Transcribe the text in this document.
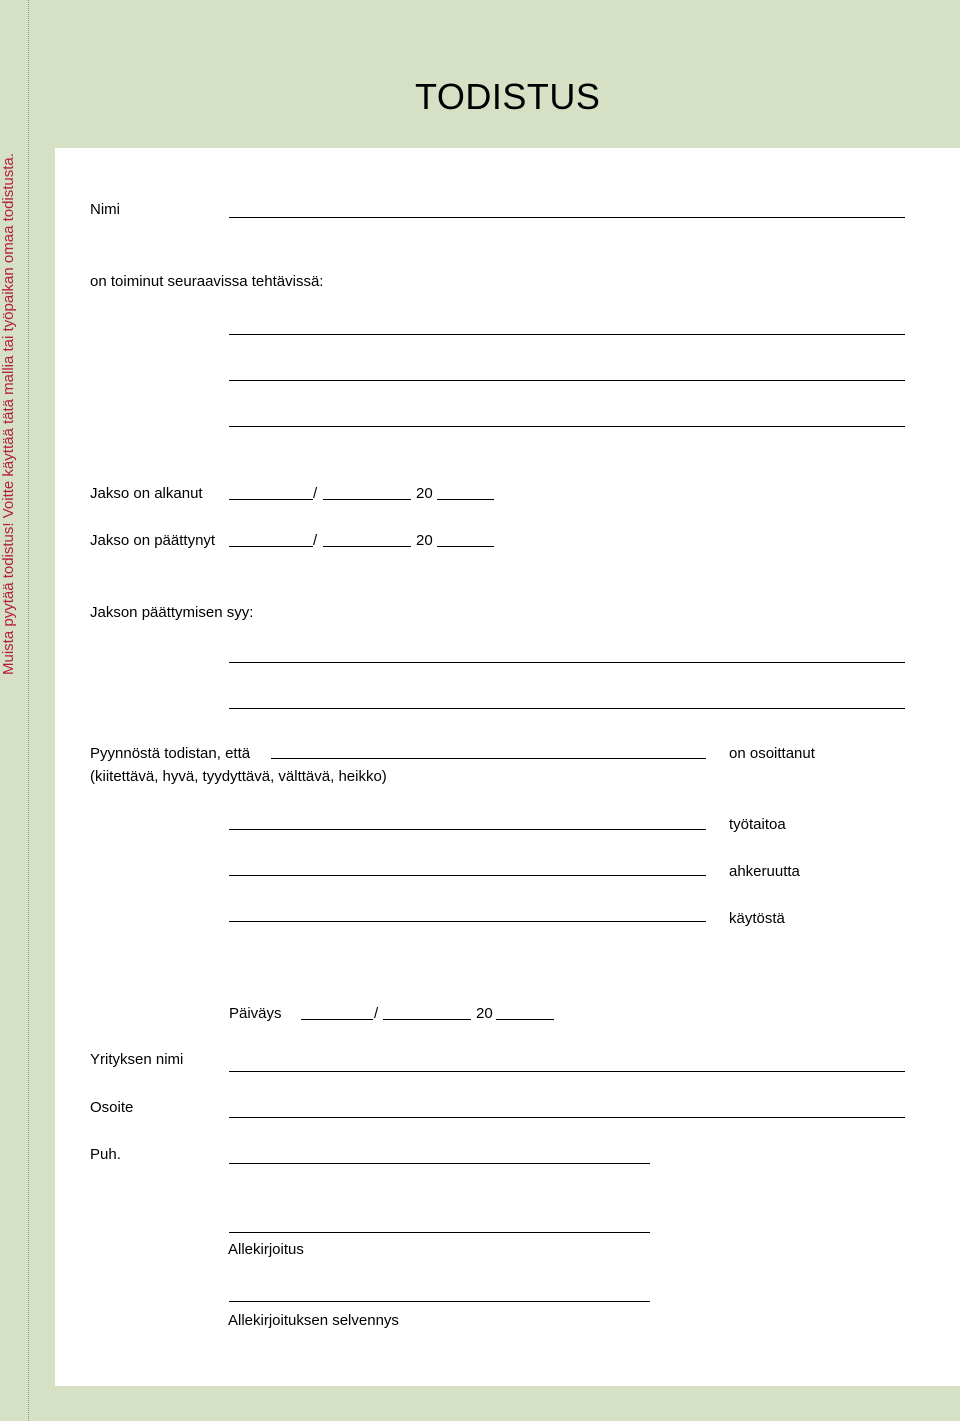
Muista pyytää todistus! Voitte käyttää tätä mallia tai työpaikan omaa todistusta.
TODISTUS
Nimi
on toiminut seuraavissa tehtävissä:
Jakso on alkanut	/	20
Jakso on päättynyt	/	20
Jakson päättymisen syy:
Pyynnöstä todistan, että	on osoittanut
(kiitettävä, hyvä, tyydyttävä, välttävä, heikko)
työtaitoa
ahkeruutta
käytöstä
Päiväys	/	20
Yrityksen nimi
Osoite
Puh.
Allekirjoitus
Allekirjoituksen selvennys
